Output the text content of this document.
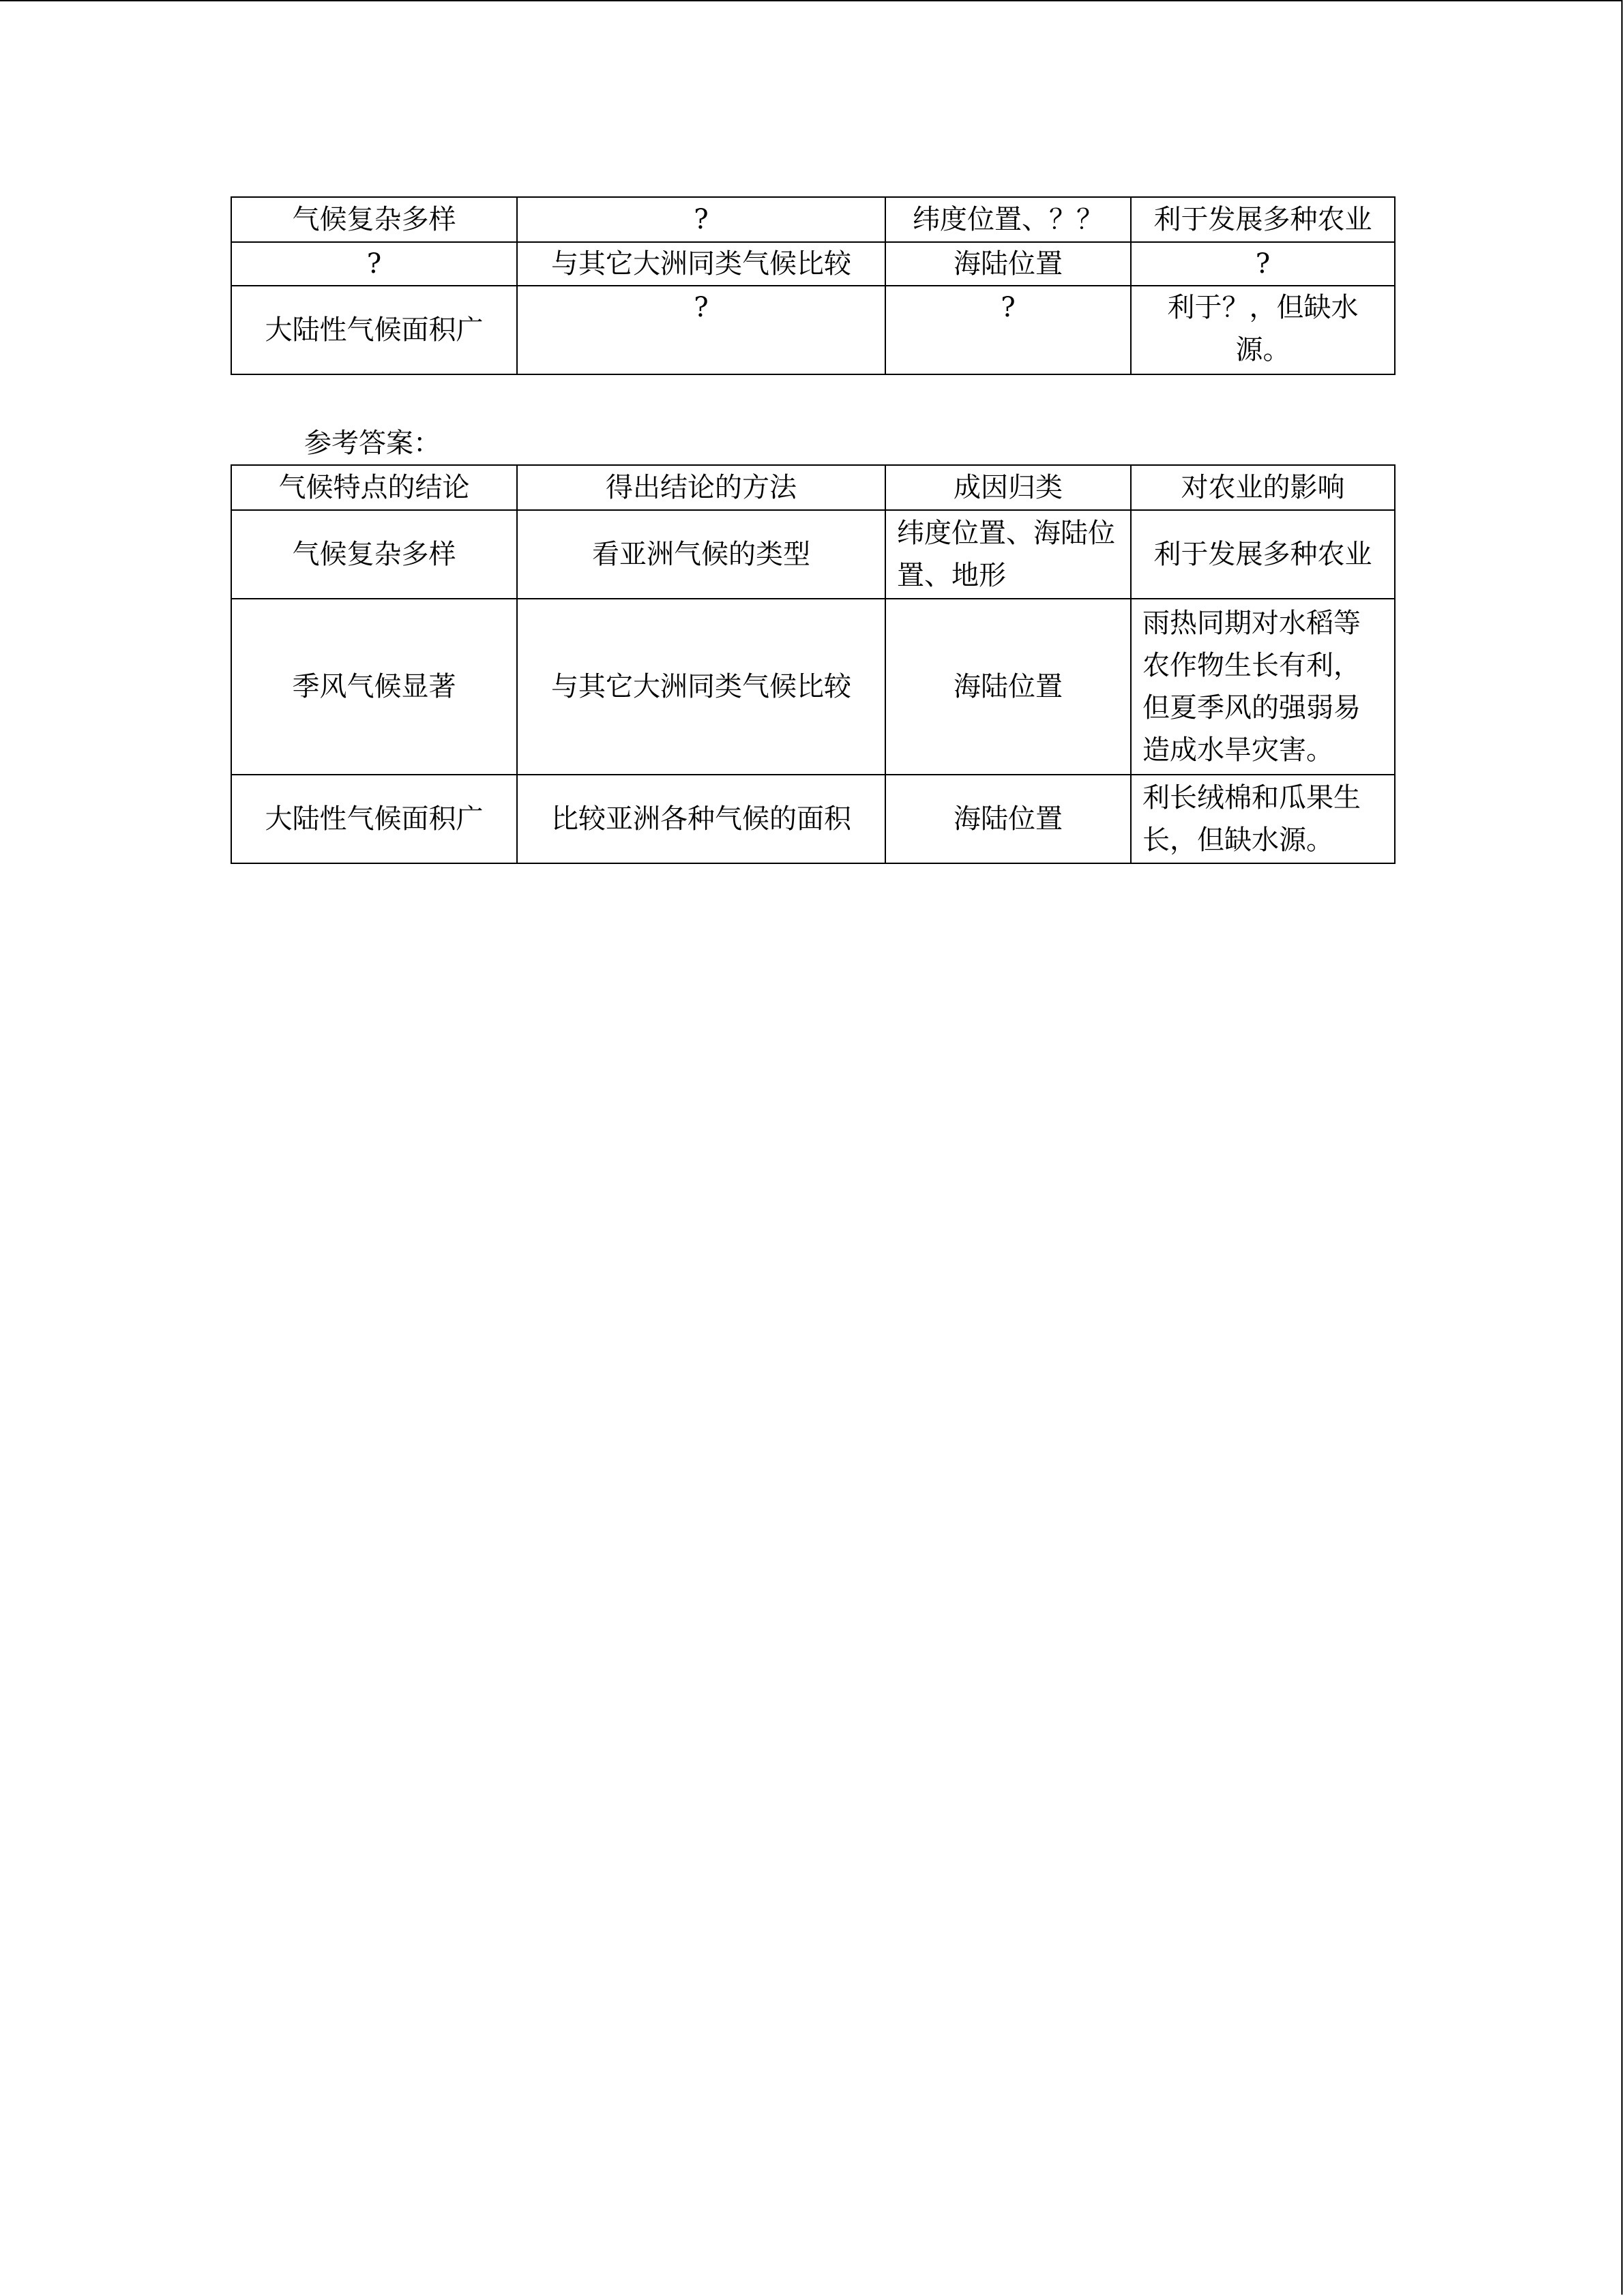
气候复杂多样	?	纬度位置、？？	利于发展多种农业
?	与其它大洲同类气候比较	海陆位置	?
大陆性气候面积广	?	?	利于？，但缺水源。
参考答案：
气候特点的结论	得出结论的方法	成因归类	对农业的影响
气候复杂多样	看亚洲气候的类型	纬度位置、海陆位置、地形	利于发展多种农业
季风气候显著	与其它大洲同类气候比较	海陆位置	雨热同期对水稻等农作物生长有利，但夏季风的强弱易造成水旱灾害。
大陆性气候面积广	比较亚洲各种气候的面积	海陆位置	利长绒棉和瓜果生长，但缺水源。
